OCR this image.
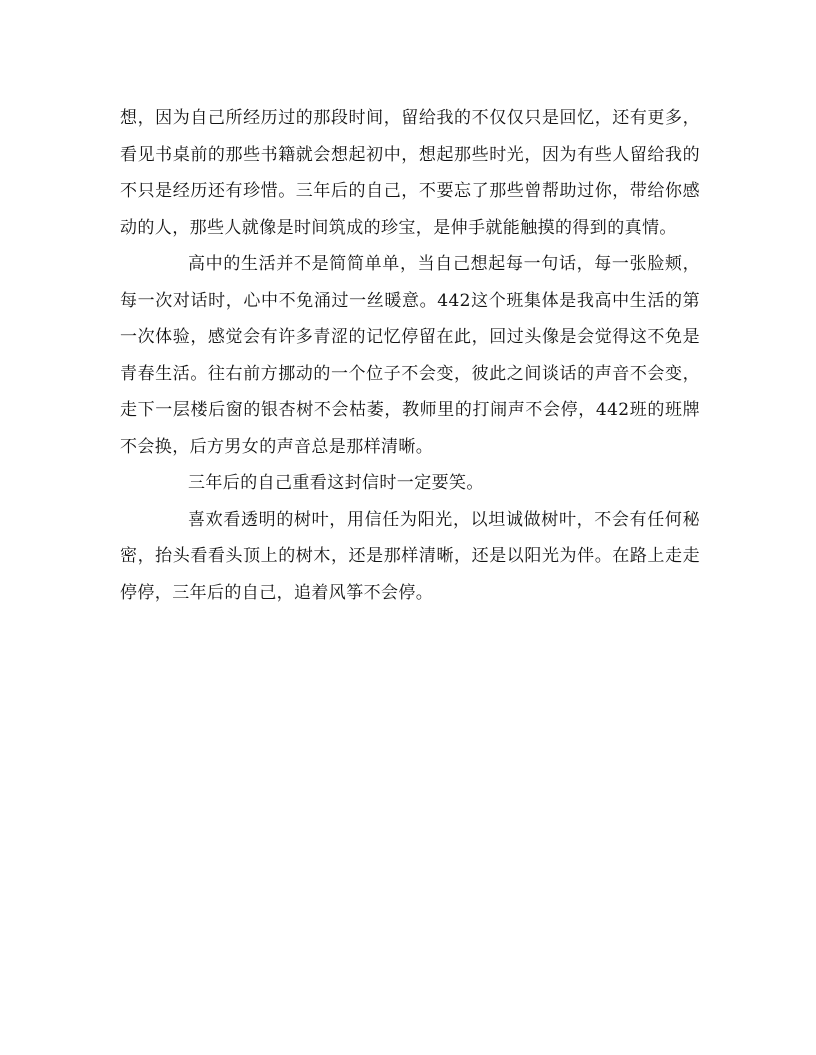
想，因为自己所经历过的那段时间，留给我的不仅仅只是回忆，还有更多，看见书桌前的那些书籍就会想起初中，想起那些时光，因为有些人留给我的不只是经历还有珍惜。三年后的自己，不要忘了那些曾帮助过你，带给你感动的人，那些人就像是时间筑成的珍宝，是伸手就能触摸的得到的真情。

高中的生活并不是简简单单，当自己想起每一句话，每一张脸颊，每一次对话时，心中不免涌过一丝暖意。442这个班集体是我高中生活的第一次体验，感觉会有许多青涩的记忆停留在此，回过头像是会觉得这不免是青春生活。往右前方挪动的一个位子不会变，彼此之间谈话的声音不会变，走下一层楼后窗的银杏树不会枯萎，教师里的打闹声不会停，442班的班牌不会换，后方男女的声音总是那样清晰。

三年后的自己重看这封信时一定要笑。

喜欢看透明的树叶，用信任为阳光，以坦诚做树叶，不会有任何秘密，抬头看看头顶上的树木，还是那样清晰，还是以阳光为伴。在路上走走停停，三年后的自己，追着风筝不会停。
